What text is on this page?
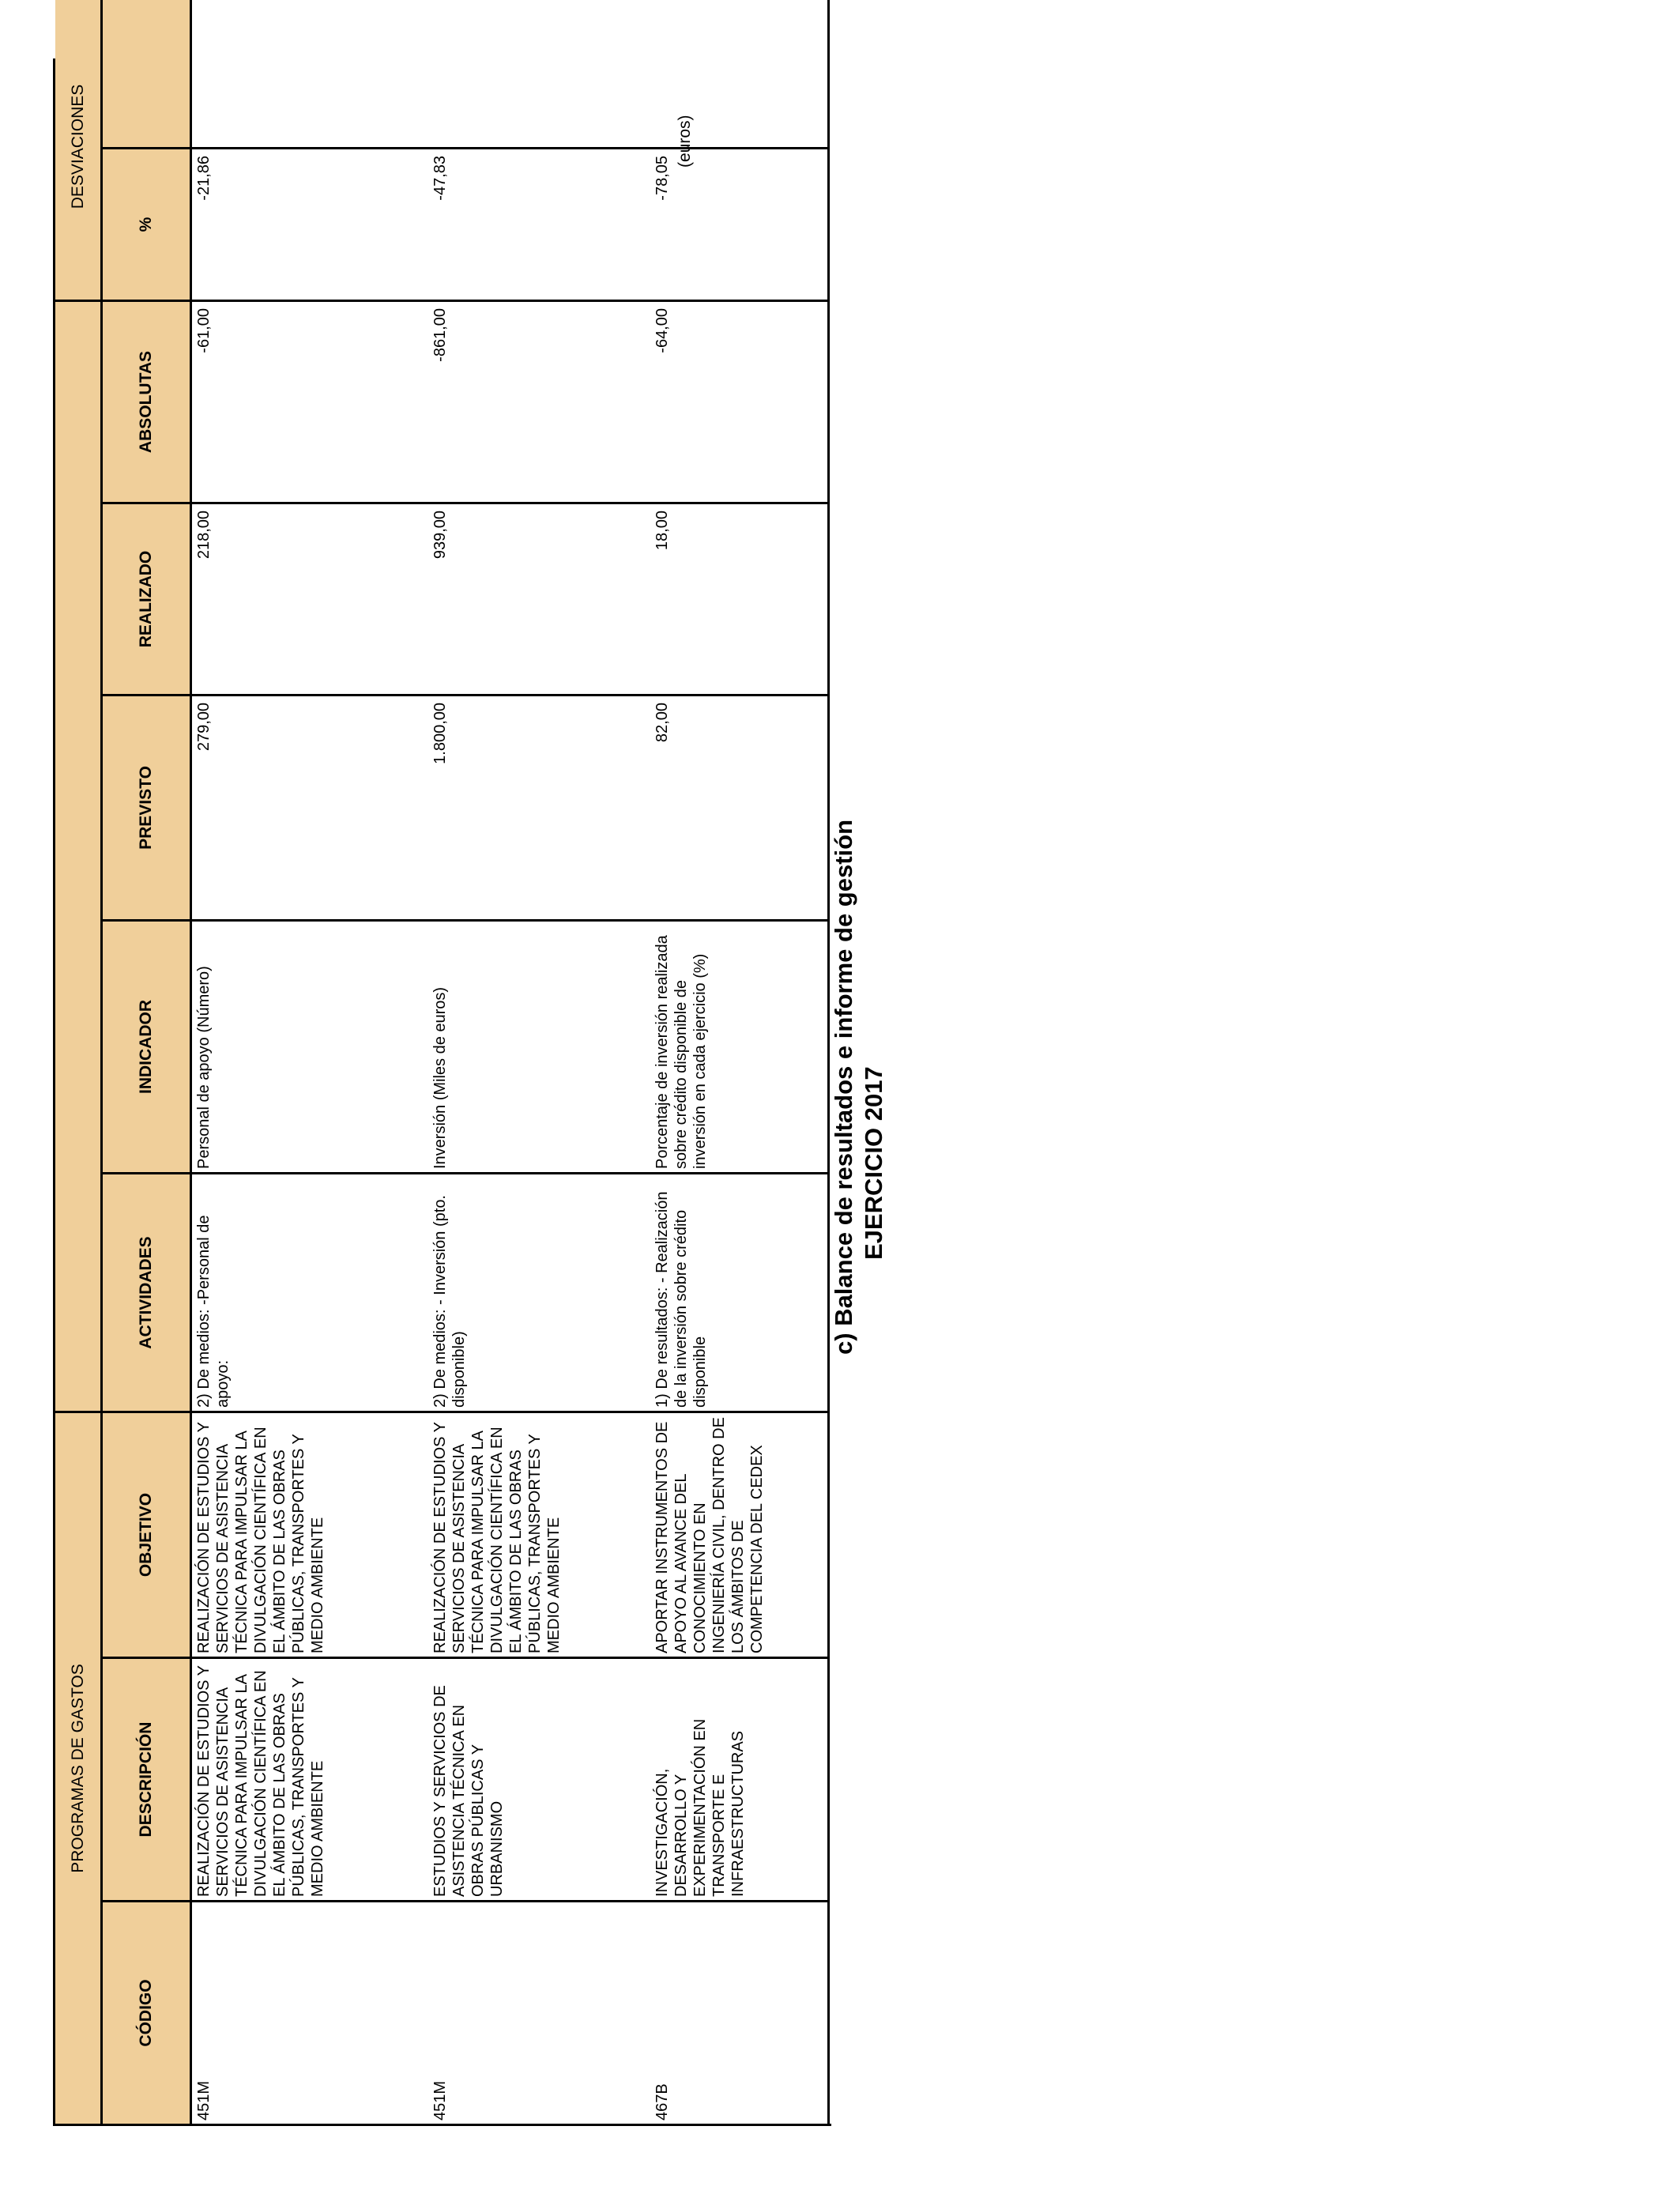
c) Balance de resultados e informe de gestión EJERCICIO 2017
(euros)
PROGRAMAS DE GASTOS
DESVIACIONES
CÓDIGO
DESCRIPCIÓN
OBJETIVO
ACTIVIDADES
INDICADOR
PREVISTO
REALIZADO
ABSOLUTAS
%
451M
REALIZACIÓN DE ESTUDIOS Y SERVICIOS DE ASISTENCIA TÉCNICA PARA IMPULSAR LA DIVULGACIÓN CIENTÍFICA EN EL ÁMBITO DE LAS OBRAS PÚBLICAS, TRANSPORTES Y MEDIO AMBIENTE
REALIZACIÓN DE ESTUDIOS Y SERVICIOS DE ASISTENCIA TÉCNICA PARA IMPULSAR LA DIVULGACIÓN CIENTÍFICA EN EL ÁMBITO DE LAS OBRAS PÚBLICAS, TRANSPORTES Y MEDIO AMBIENTE
2) De medios: -Personal de apoyo:
Personal de apoyo (Número)
279,00
218,00
-61,00
-21,86
451M
ESTUDIOS Y SERVICIOS DE ASISTENCIA TÉCNICA EN OBRAS PÚBLICAS Y URBANISMO
REALIZACIÓN DE ESTUDIOS Y SERVICIOS DE ASISTENCIA TÉCNICA PARA IMPULSAR LA DIVULGACIÓN CIENTÍFICA EN EL ÁMBITO DE LAS OBRAS PÚBLICAS, TRANSPORTES Y MEDIO AMBIENTE
2) De medios: - Inversión (pto. disponible)
Inversión (Miles de euros)
1.800,00
939,00
-861,00
-47,83
467B
INVESTIGACIÓN, DESARROLLO Y EXPERIMENTACIÓN EN TRANSPORTE E INFRAESTRUCTURAS
APORTAR INSTRUMENTOS DE APOYO AL AVANCE DEL CONOCIMIENTO EN INGENIERÍA CIVIL, DENTRO DE LOS ÁMBITOS DE COMPETENCIA DEL CEDEX
1) De resultados: - Realización de la inversión sobre crédito disponible
Porcentaje de inversión realizada sobre crédito disponible de inversión en cada ejercicio (%)
82,00
18,00
-64,00
-78,05
